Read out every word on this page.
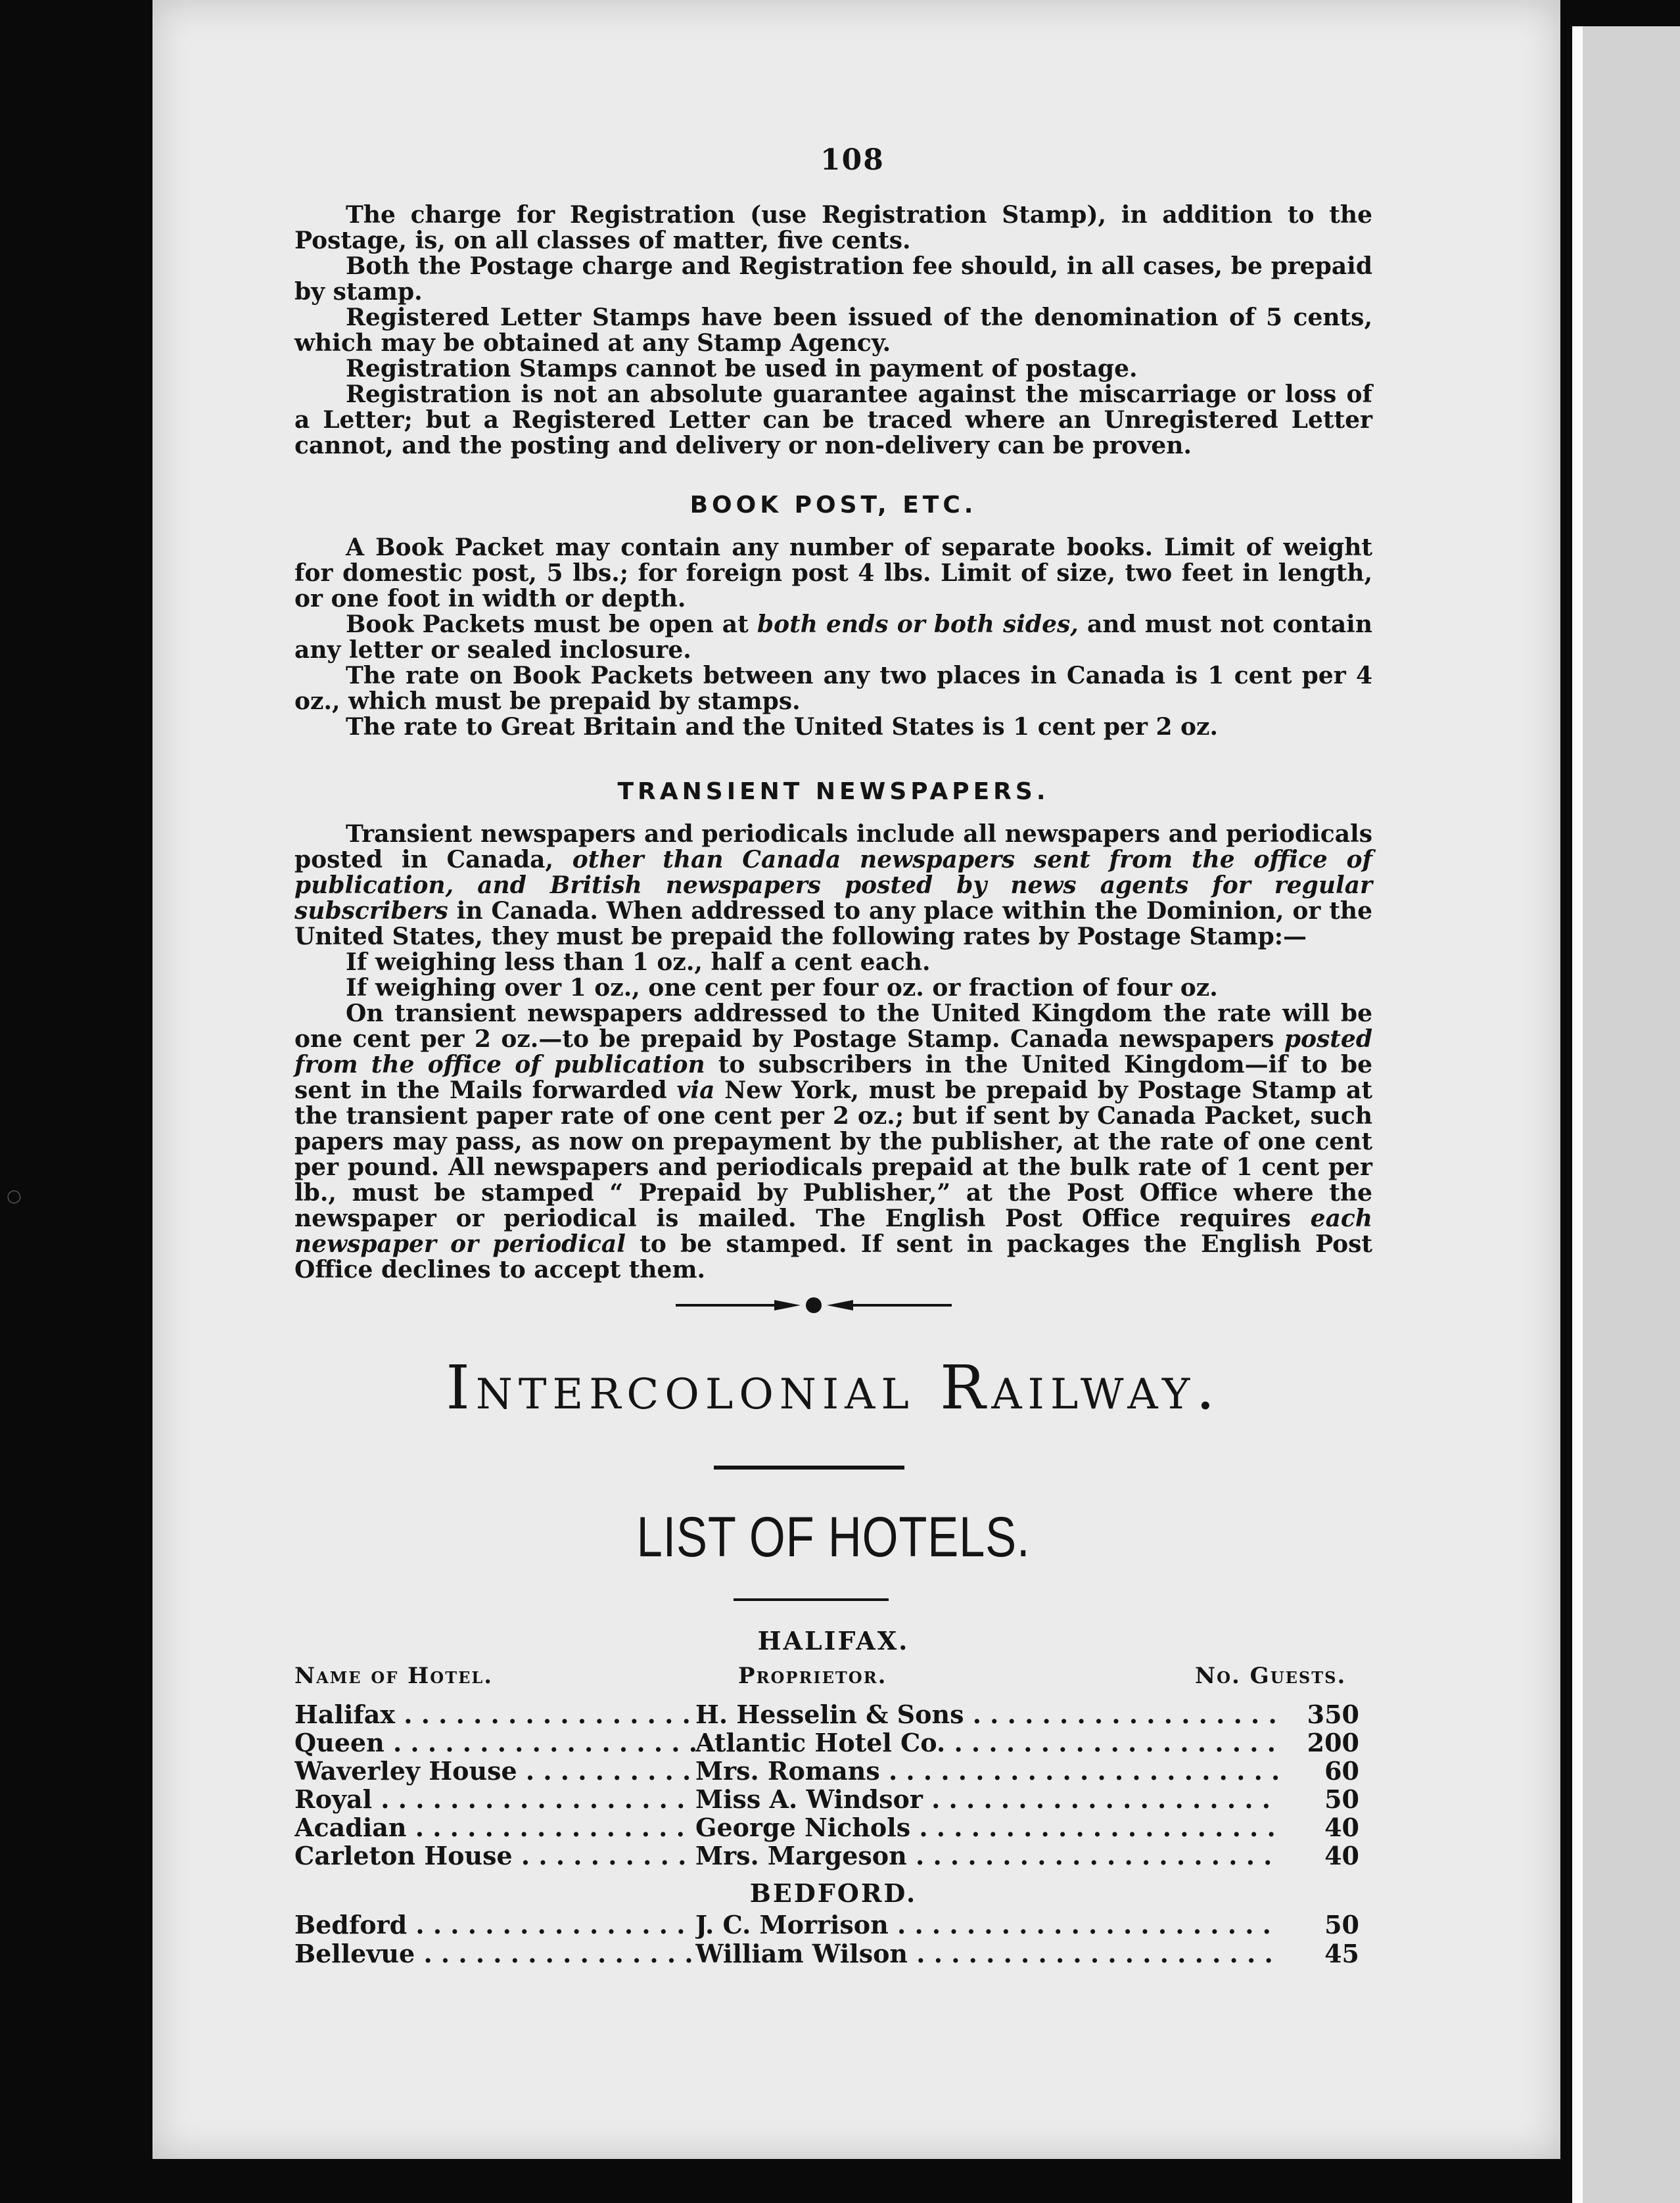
○
108

The charge for Registration (use Registration Stamp), in addition to the Postage, is, on all classes of matter, five cents.

Both the Postage charge and Registration fee should, in all cases, be prepaid by stamp.

Registered Letter Stamps have been issued of the denomination of 5 cents, which may be obtained at any Stamp Agency.

Registration Stamps cannot be used in payment of postage.

Registration is not an absolute guarantee against the miscarriage or loss of a Letter; but a Registered Letter can be traced where an Unregistered Letter cannot, and the posting and delivery or non-delivery can be proven.

BOOK POST, ETC.

A Book Packet may contain any number of separate books. Limit of weight for domestic post, 5 lbs.; for foreign post 4 lbs. Limit of size, two feet in length, or one foot in width or depth.

Book Packets must be open at both ends or both sides, and must not contain any letter or sealed inclosure.

The rate on Book Packets between any two places in Canada is 1 cent per 4 oz., which must be prepaid by stamps.

The rate to Great Britain and the United States is 1 cent per 2 oz.

TRANSIENT NEWSPAPERS.

Transient newspapers and periodicals include all newspapers and periodicals posted in Canada, other than Canada newspapers sent from the office of publication, and British newspapers posted by news agents for regular subscribers in Canada. When addressed to any place within the Dominion, or the United States, they must be prepaid the following rates by Postage Stamp:—

If weighing less than 1 oz., half a cent each.

If weighing over 1 oz., one cent per four oz. or fraction of four oz.

On transient newspapers addressed to the United Kingdom the rate will be one cent per 2 oz.—to be prepaid by Postage Stamp. Canada newspapers posted from the office of publication to subscribers in the United Kingdom—if to be sent in the Mails forwarded via New York, must be prepaid by Postage Stamp at the transient paper rate of one cent per 2 oz.; but if sent by Canada Packet, such papers may pass, as now on prepayment by the publisher, at the rate of one cent per pound. All newspapers and periodicals prepaid at the bulk rate of 1 cent per lb., must be stamped “ Prepaid by Publisher,” at the Post Office where the newspaper or periodical is mailed. The English Post Office requires each newspaper or periodical to be stamped. If sent in packages the English Post Office declines to accept them.

Intercolonial Railway.
LIST OF HOTELS.
HALIFAX.
Name of Hotel.	Proprietor.	No. Guests.
Halifax . . .	H. Hesselin & Sons . . .	350
Queen . . .	Atlantic Hotel Co. . . .	200
Waverley House . . .	Mrs. Romans . . .	60
Royal . . .	Miss A. Windsor . . .	50
Acadian . . .	George Nichols . . .	40
Carleton House . . .	Mrs. Margeson . . .	40
BEDFORD.
Bedford . . .	J. C. Morrison . . .	50
Bellevue . . .	William Wilson . . .	45
